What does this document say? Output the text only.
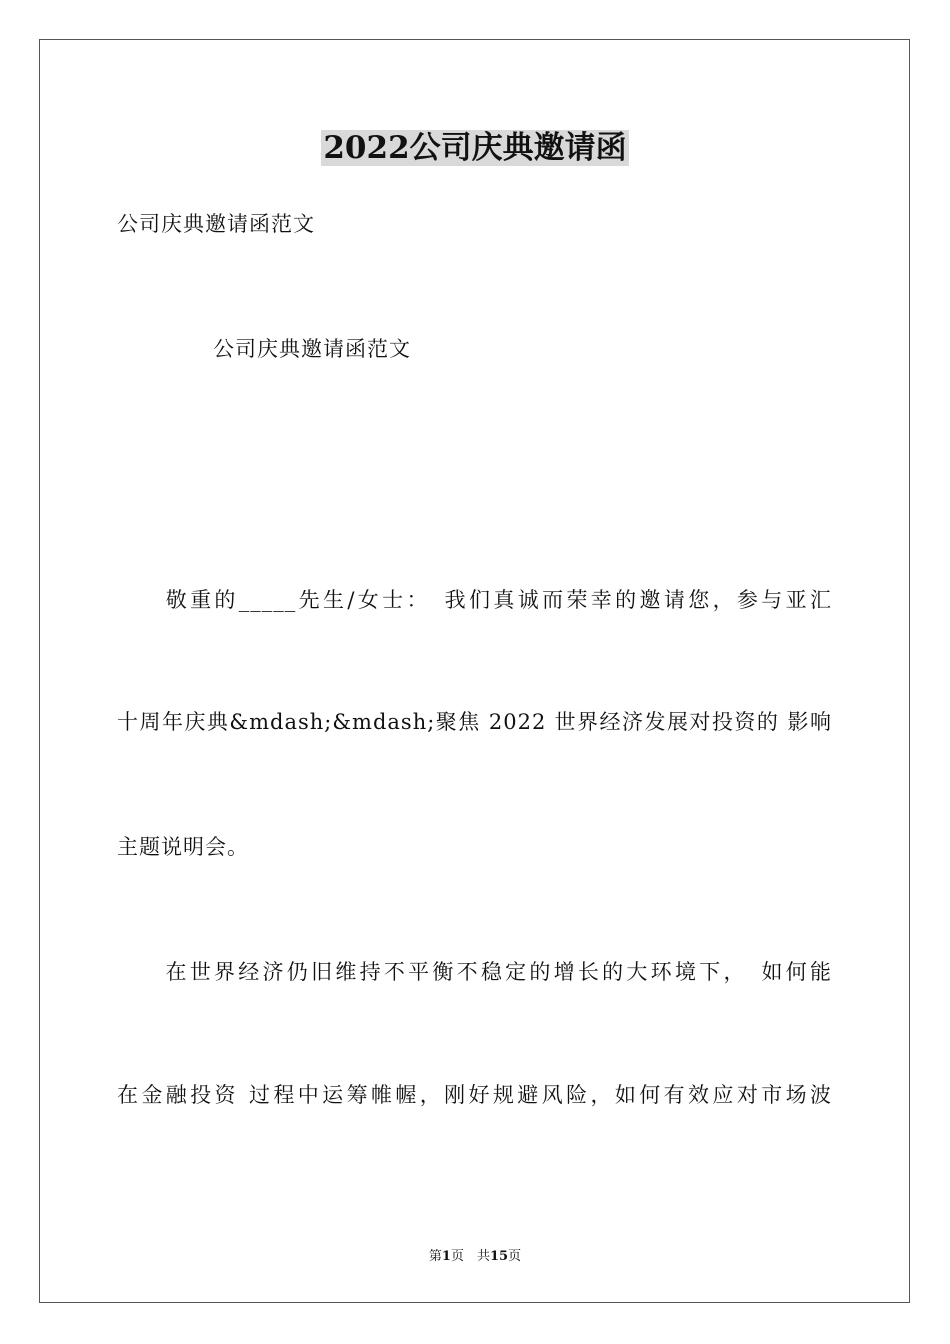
2022公司庆典邀请函
公司庆典邀请函范文
公司庆典邀请函范文
　　敬重的_____先生/女士：　我们真诚而荣幸的邀请您，参与亚汇
十周年庆典&mdash;&mdash;聚焦 2022 世界经济发展对投资的 影响
主题说明会。
　　在世界经济仍旧维持不平衡不稳定的增长的大环境下，　如何能
在金融投资 过程中运筹帷幄，刚好规避风险，如何有效应对市场波
第1页　共15页
